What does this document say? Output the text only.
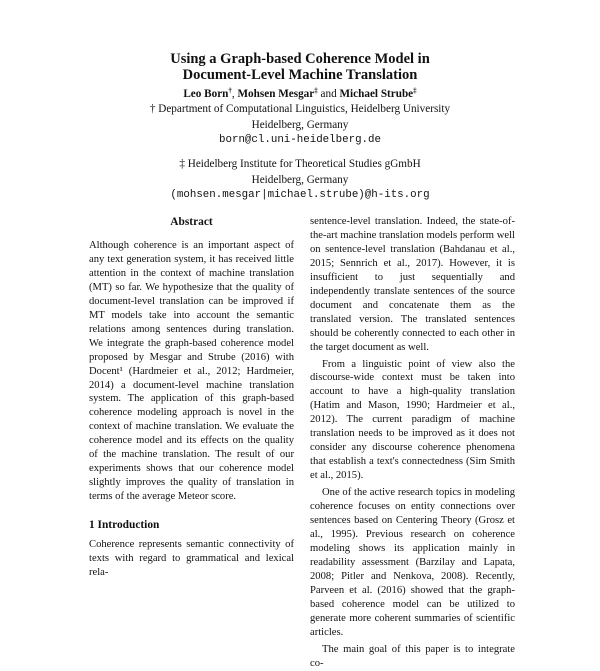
Using a Graph-based Coherence Model in
Document-Level Machine Translation
Leo Born†, Mohsen Mesgar‡ and Michael Strube‡
† Department of Computational Linguistics, Heidelberg University
Heidelberg, Germany
born@cl.uni-heidelberg.de
‡ Heidelberg Institute for Theoretical Studies gGmbH
Heidelberg, Germany
(mohsen.mesgar|michael.strube)@h-its.org
Abstract

Although coherence is an important aspect of any text generation system, it has received little attention in the context of machine translation (MT) so far. We hypothesize that the quality of document-level translation can be improved if MT models take into account the semantic relations among sentences during translation. We integrate the graph-based coherence model proposed by Mesgar and Strube (2016) with Docent¹ (Hardmeier et al., 2012; Hardmeier, 2014) a document-level machine translation system. The application of this graph-based coherence modeling approach is novel in the context of machine translation. We evaluate the coherence model and its effects on the quality of the machine translation. The result of our experiments shows that our coherence model slightly improves the quality of translation in terms of the average Meteor score.

1 Introduction

Coherence represents semantic connectivity of texts with regard to grammatical and lexical rela-

sentence-level translation. Indeed, the state-of-the-art machine translation models perform well on sentence-level translation (Bahdanau et al., 2015; Sennrich et al., 2017). However, it is insufficient to just sequentially and independently translate sentences of the source document and concatenate them as the translated version. The translated sentences should be coherently connected to each other in the target document as well.

From a linguistic point of view also the discourse-wide context must be taken into account to have a high-quality translation (Hatim and Mason, 1990; Hardmeier et al., 2012). The current paradigm of machine translation needs to be improved as it does not consider any discourse coherence phenomena that establish a text's connectedness (Sim Smith et al., 2015).

One of the active research topics in modeling coherence focuses on entity connections over sentences based on Centering Theory (Grosz et al., 1995). Previous research on coherence modeling shows its application mainly in readability assessment (Barzilay and Lapata, 2008; Pitler and Nenkova, 2008). Recently, Parveen et al. (2016) showed that the graph-based coherence model can be utilized to generate more coherent summaries of scientific articles.

The main goal of this paper is to integrate co-
